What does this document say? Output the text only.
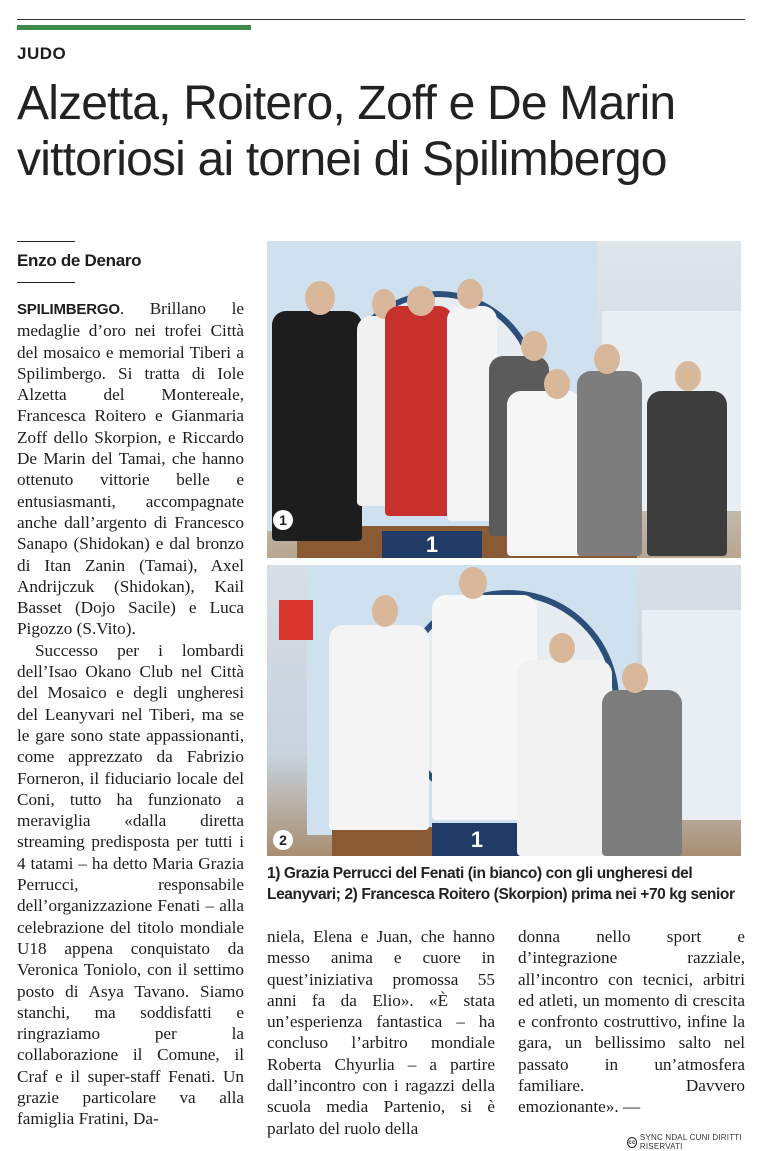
JUDO
Alzetta, Roitero, Zoff e De Marin vittoriosi ai tornei di Spilimbergo
Enzo de Denaro

SPILIMBERGO. Brillano le medaglie d’oro nei trofei Città del mosaico e memorial Tiberi a Spilimbergo. Si tratta di Iole Alzetta del Montereale, Francesca Roitero e Gianmaria Zoff dello Skorpion, e Riccardo De Marin del Tamai, che hanno ottenuto vittorie belle e entusiasmanti, accompagnate anche dall’argento di Francesco Sanapo (Shidokan) e dal bronzo di Itan Zanin (Tamai), Axel Andrijczuk (Shidokan), Kail Basset (Dojo Sacile) e Luca Pigozzo (S.Vito).

Successo per i lombardi dell’Isao Okano Club nel Città del Mosaico e degli ungheresi del Leanyvari nel Tiberi, ma se le gare sono state appassionanti, come apprezzato da Fabrizio Forneron, il fiduciario locale del Coni, tutto ha funzionato a meraviglia «dalla diretta streaming predisposta per tutti i 4 tatami – ha detto Maria Grazia Perrucci, responsabile dell’organizzazione Fenati – alla celebrazione del titolo mondiale U18 appena conquistato da Veronica Toniolo, con il settimo posto di Asya Tavano. Siamo stanchi, ma soddisfatti e ringraziamo per la collaborazione il Comune, il Craf e il super-staff Fenati. Un grazie particolare va alla famiglia Fratini, Da-

1
1
1
2
1) Grazia Perrucci del Fenati (in bianco) con gli ungheresi del Leanyvari; 2) Francesca Roitero (Skorpion) prima nei +70 kg senior

niela, Elena e Juan, che hanno messo anima e cuore in quest’iniziativa promossa 55 anni fa da Elio». «È stata un’esperienza fantastica – ha concluso l’arbitro mondiale Roberta Chyurlia – a partire dall’incontro con i ragazzi della scuola media Partenio, si è parlato del ruolo della

donna nello sport e d’integrazione razziale, all’incontro con tecnici, arbitri ed atleti, un momento di crescita e confronto costruttivo, infine la gara, un bellissimo salto nel passato in un’atmosfera familiare. Davvero emozionante». —

cc
SYNC NDAL CUNI DIRITTI RISERVATI
